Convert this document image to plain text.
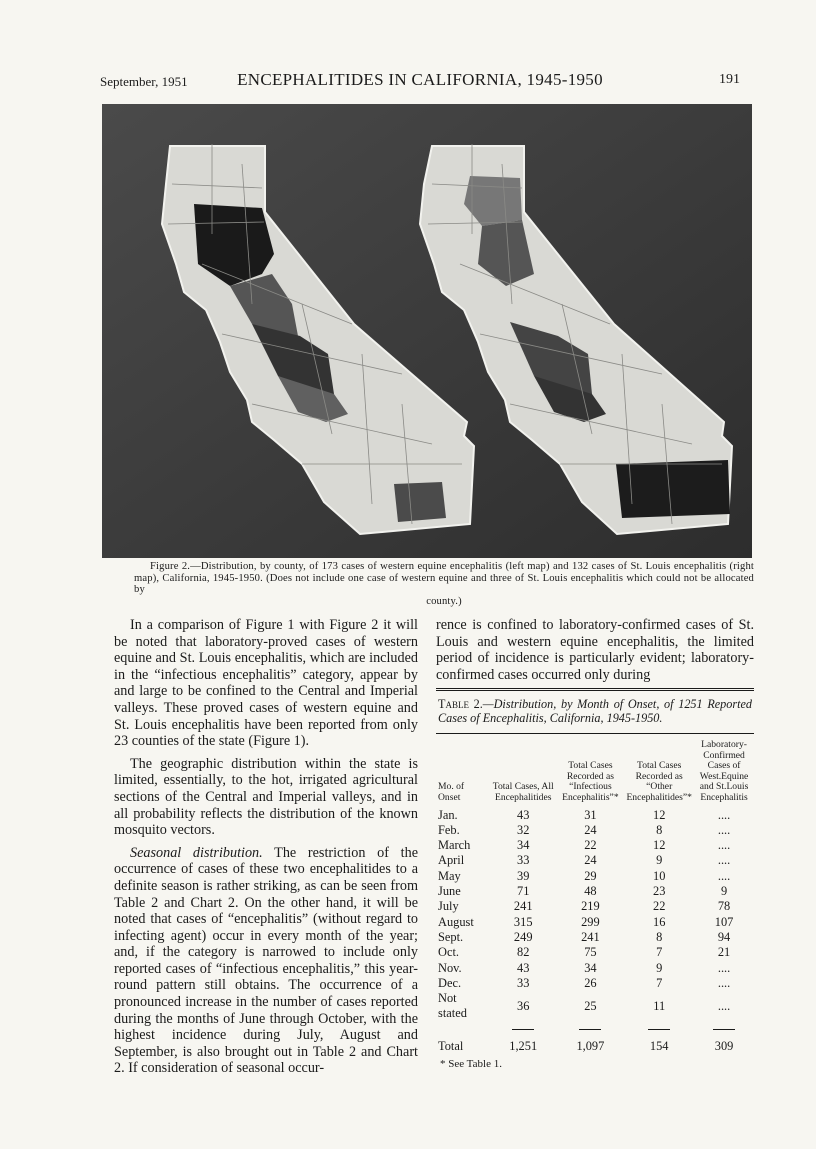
September, 1951	ENCEPHALITIDES IN CALIFORNIA, 1945-1950	191
Figure 2.—Distribution, by county, of 173 cases of western equine encephalitis (left map) and 132 cases of St. Louis encephalitis (right map), California, 1945-1950. (Does not include one case of western equine and three of St. Louis encephalitis which could not be allocated by
county.)

In a comparison of Figure 1 with Figure 2 it will be noted that laboratory-proved cases of western equine and St. Louis encephalitis, which are included in the “infectious encephalitis” category, appear by and large to be confined to the Central and Imperial valleys. These proved cases of western equine and St. Louis encephalitis have been reported from only 23 counties of the state (Figure 1).

The geographic distribution within the state is limited, essentially, to the hot, irrigated agricultural sections of the Central and Imperial valleys, and in all probability reflects the distribution of the known mosquito vectors.

Seasonal distribution. The restriction of the occurrence of cases of these two encephalitides to a definite season is rather striking, as can be seen from Table 2 and Chart 2. On the other hand, it will be noted that cases of “encephalitis” (without regard to infecting agent) occur in every month of the year; and, if the category is narrowed to include only reported cases of “infectious encephalitis,” this year-round pattern still obtains. The occurrence of a pronounced increase in the number of cases reported during the months of June through October, with the highest incidence during July, August and September, is also brought out in Table 2 and Chart 2. If consideration of seasonal occur-

rence is confined to laboratory-confirmed cases of St. Louis and western equine encephalitis, the limited period of incidence is particularly evident; laboratory-confirmed cases occurred only during

Table 2.—Distribution, by Month of Onset, of 1251 Reported Cases of Encephalitis, California, 1945-1950.
Mo. of Onset	Total Cases, All Encephalitides	Total Cases Recorded as “Infectious Encephalitis”*	Total Cases Recorded as “Other Encephalitides”*	Laboratory-Confirmed Cases of West.Equine and St.Louis Encephalitis
Jan.	43	31	12	....
Feb.	32	24	8	....
March	34	22	12	....
April	33	24	9	....
May	39	29	10	....
June	71	48	23	9
July	241	219	22	78
August	315	299	16	107
Sept.	249	241	8	94
Oct.	82	75	7	21
Nov.	43	34	9	....
Dec.	33	26	7	....
Not stated	36	25	11	....

Total	1,251	1,097	154	309
* See Table 1.
